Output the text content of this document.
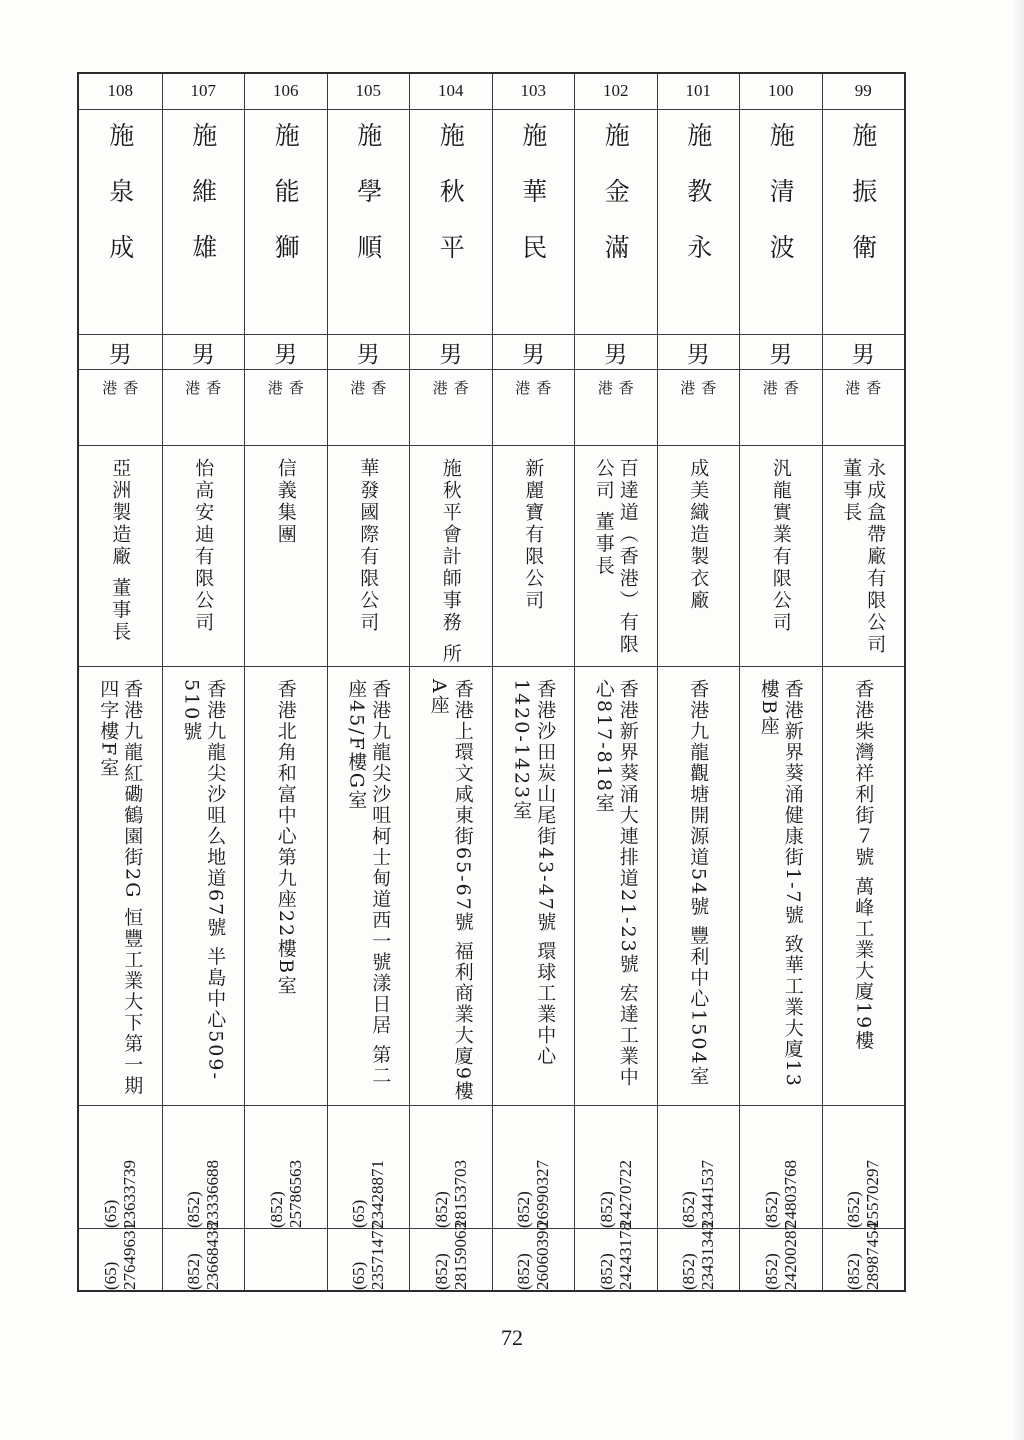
99
施振衛
男
香港
永成盒帶廠有限公司 董事長
香港柴灣祥利街７號 萬峰工業大廈19樓
(852)
25570297
(852)
28987454
100
施清波
男
香港
汎龍實業有限公司
香港新界葵涌健康街1-7號 致華工業大廈13樓B座
(852)
24803768
(852)
24200287
101
施教永
男
香港
成美織造製衣廠
香港九龍觀塘開源道54號 豐利中心1504室
(852)
23441537
(852)
23431343
102
施金滿
男
香港
百達道（香港）有限公司 董事長
香港新界葵涌大連排道21-23號 宏達工業中心817-818室
(852)
24270722
(852)
24243178
103
施華民
男
香港
新麗寶有限公司
香港沙田炭山尾街43-47號 環球工業中心1420-1423室
(852)
26990327
(852)
26060390
104
施秋平
男
香港
施秋平會計師事務 所
香港上環文咸東街65-67號 福利商業大廈9樓A座
(852)
28153703
(852)
28159063
105
施學順
男
香港
華發國際有限公司
香港九龍尖沙咀柯士甸道西一號漾日居 第二座45/F樓G室
(65)
23428871
(65)
23571477
106
施能獅
男
香港
信義集團
香港北角和富中心第九座22樓B室
(852)
25786563
107
施維雄
男
香港
怡高安迪有限公司
香港九龍尖沙咀么地道67號 半島中心509-510號
(852)
23336688
(852)
23668438
108
施泉成
男
香港
亞洲製造廠 董事長
香港九龍紅磡鶴園街2G 恒豐工業大下第一期四字樓F室
(65)
23633739
(65)
27649631
72
